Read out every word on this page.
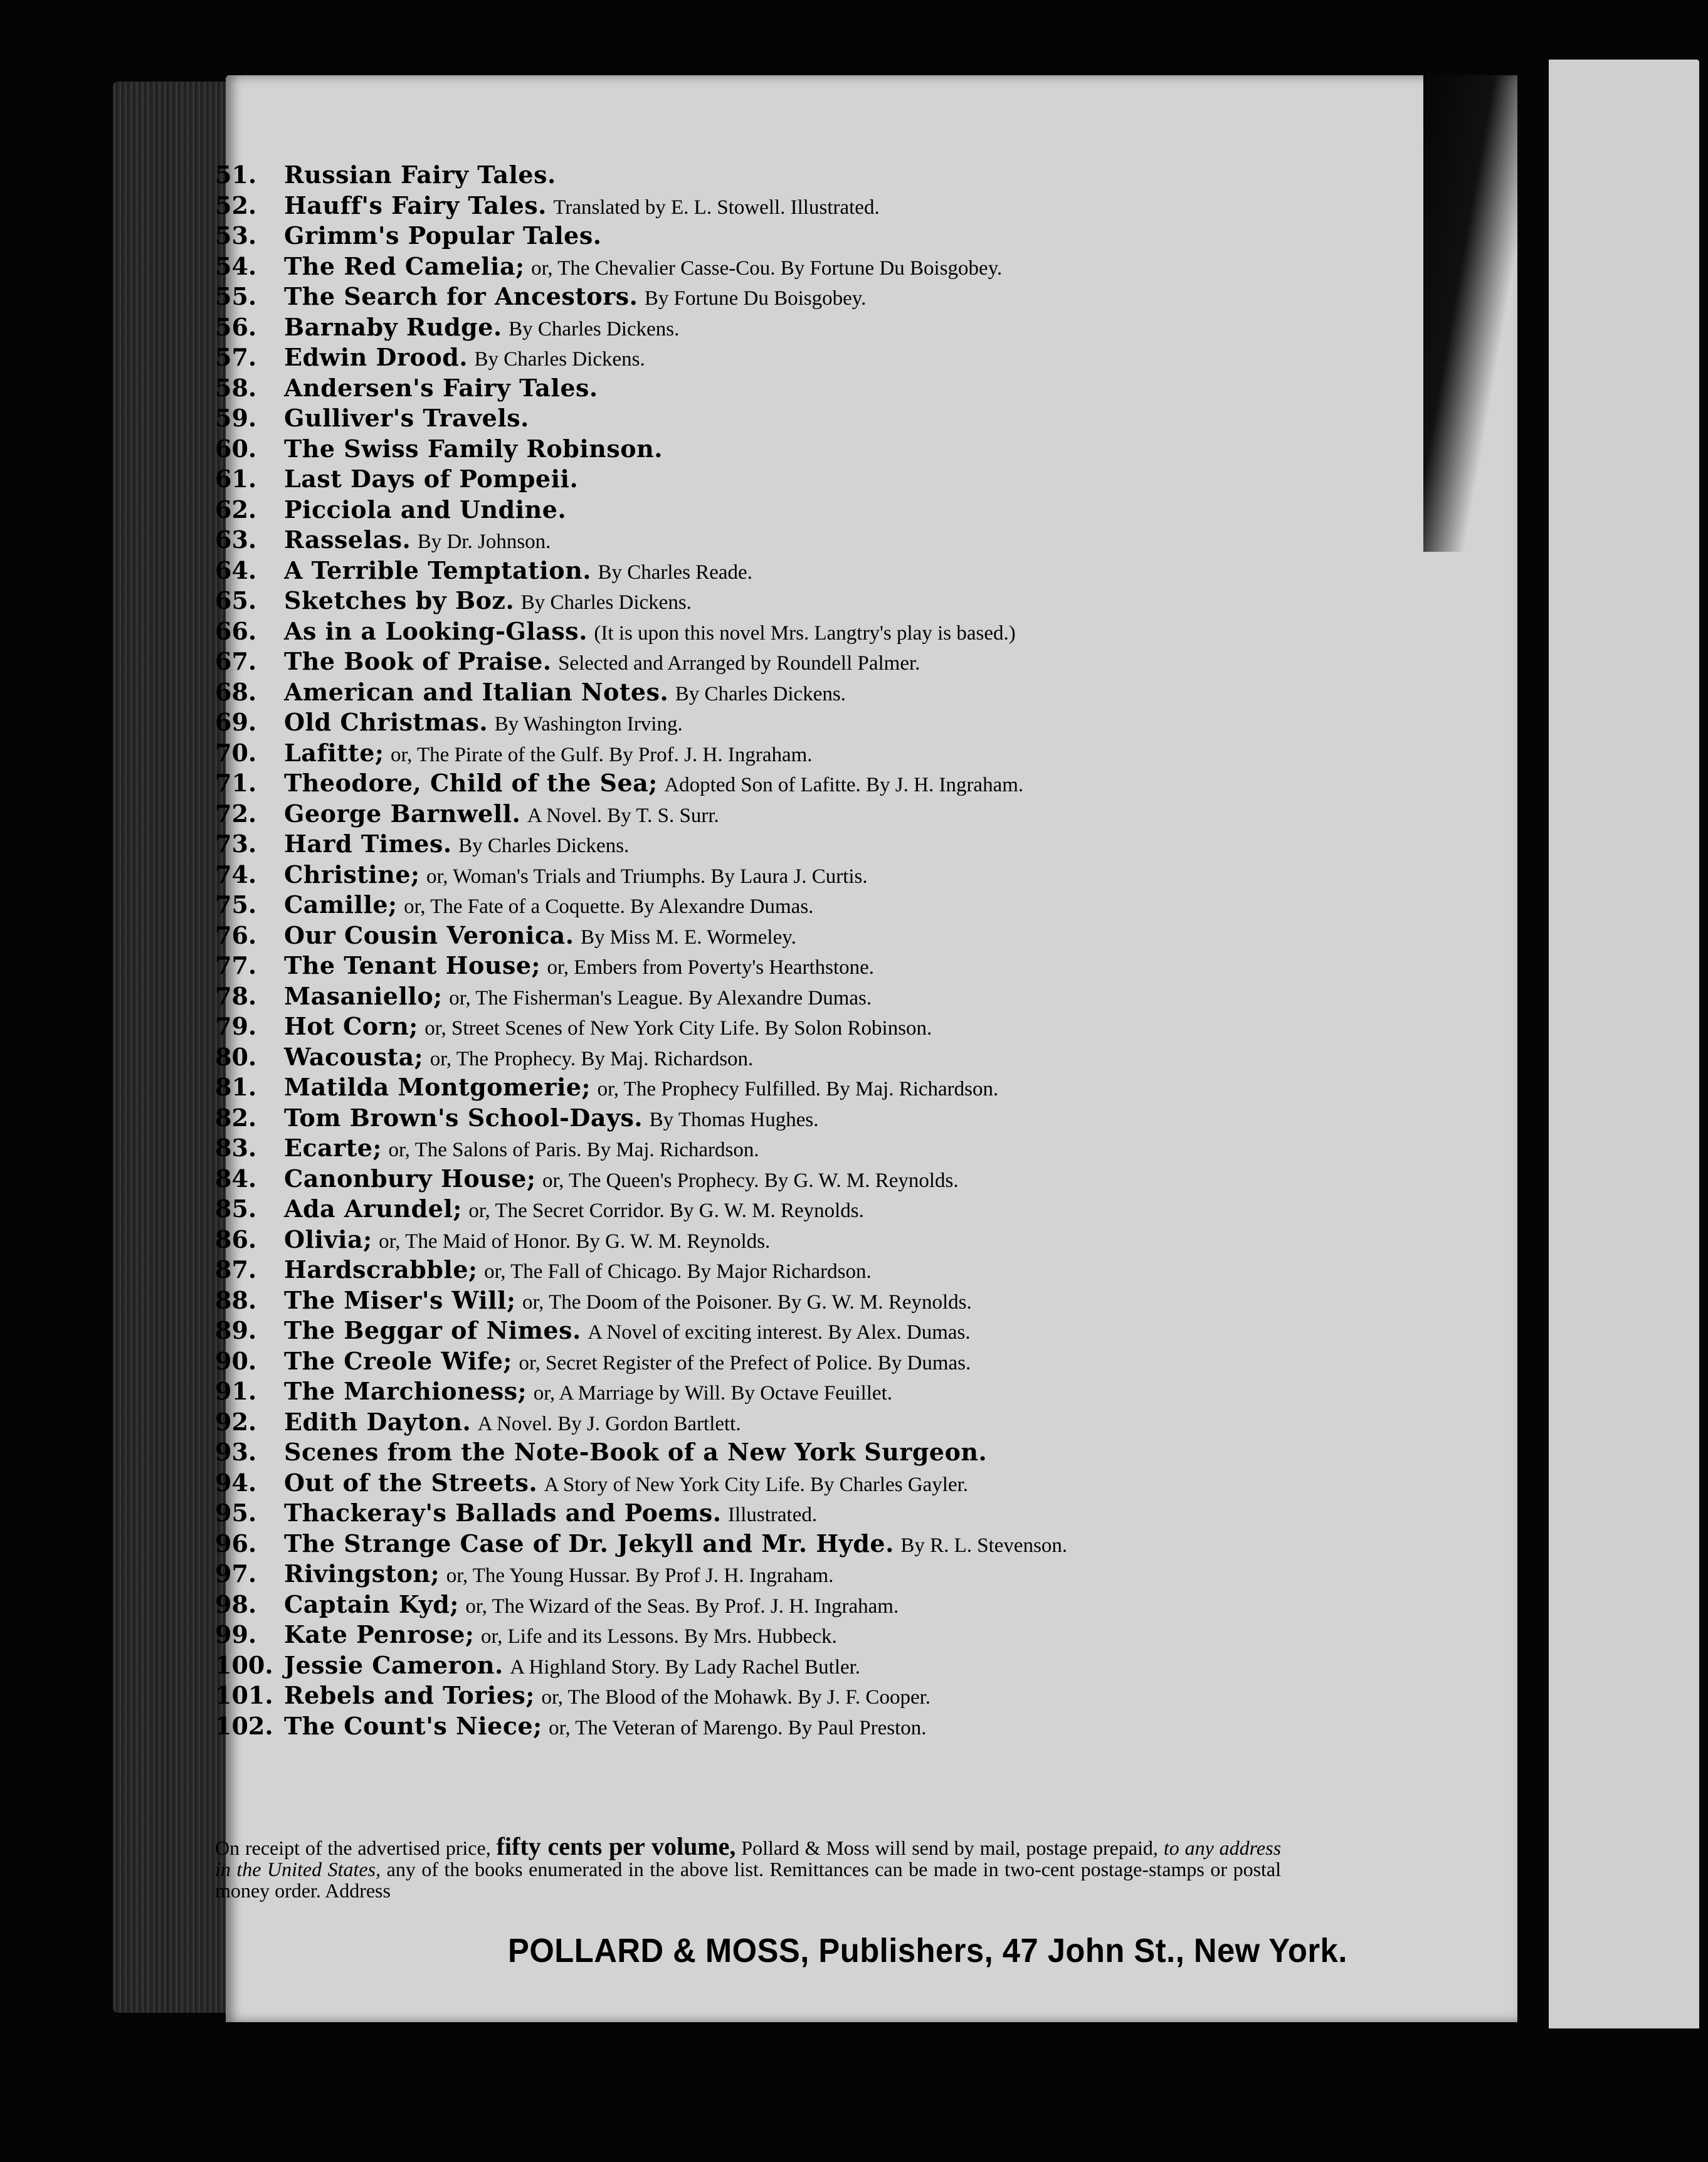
51. Russian Fairy Tales.
52. Hauff's Fairy Tales. Translated by E. L. Stowell. Illustrated.
53. Grimm's Popular Tales.
54. The Red Camelia; or, The Chevalier Casse-Cou. By Fortune Du Boisgobey.
55. The Search for Ancestors. By Fortune Du Boisgobey.
56. Barnaby Rudge. By Charles Dickens.
57. Edwin Drood. By Charles Dickens.
58. Andersen's Fairy Tales.
59. Gulliver's Travels.
60. The Swiss Family Robinson.
61. Last Days of Pompeii.
62. Picciola and Undine.
63. Rasselas. By Dr. Johnson.
64. A Terrible Temptation. By Charles Reade.
65. Sketches by Boz. By Charles Dickens.
66. As in a Looking-Glass. (It is upon this novel Mrs. Langtry's play is based.)
67. The Book of Praise. Selected and Arranged by Roundell Palmer.
68. American and Italian Notes. By Charles Dickens.
69. Old Christmas. By Washington Irving.
70. Lafitte; or, The Pirate of the Gulf. By Prof. J. H. Ingraham.
71. Theodore, Child of the Sea; Adopted Son of Lafitte. By J. H. Ingraham.
72. George Barnwell. A Novel. By T. S. Surr.
73. Hard Times. By Charles Dickens.
74. Christine; or, Woman's Trials and Triumphs. By Laura J. Curtis.
75. Camille; or, The Fate of a Coquette. By Alexandre Dumas.
76. Our Cousin Veronica. By Miss M. E. Wormeley.
77. The Tenant House; or, Embers from Poverty's Hearthstone.
78. Masaniello; or, The Fisherman's League. By Alexandre Dumas.
79. Hot Corn; or, Street Scenes of New York City Life. By Solon Robinson.
80. Wacousta; or, The Prophecy. By Maj. Richardson.
81. Matilda Montgomerie; or, The Prophecy Fulfilled. By Maj. Richardson.
82. Tom Brown's School-Days. By Thomas Hughes.
83. Ecarte; or, The Salons of Paris. By Maj. Richardson.
84. Canonbury House; or, The Queen's Prophecy. By G. W. M. Reynolds.
85. Ada Arundel; or, The Secret Corridor. By G. W. M. Reynolds.
86. Olivia; or, The Maid of Honor. By G. W. M. Reynolds.
87. Hardscrabble; or, The Fall of Chicago. By Major Richardson.
88. The Miser's Will; or, The Doom of the Poisoner. By G. W. M. Reynolds.
89. The Beggar of Nimes. A Novel of exciting interest. By Alex. Dumas.
90. The Creole Wife; or, Secret Register of the Prefect of Police. By Dumas.
91. The Marchioness; or, A Marriage by Will. By Octave Feuillet.
92. Edith Dayton. A Novel. By J. Gordon Bartlett.
93. Scenes from the Note-Book of a New York Surgeon.
94. Out of the Streets. A Story of New York City Life. By Charles Gayler.
95. Thackeray's Ballads and Poems. Illustrated.
96. The Strange Case of Dr. Jekyll and Mr. Hyde. By R. L. Stevenson.
97. Rivingston; or, The Young Hussar. By Prof J. H. Ingraham.
98. Captain Kyd; or, The Wizard of the Seas. By Prof. J. H. Ingraham.
99. Kate Penrose; or, Life and its Lessons. By Mrs. Hubbeck.
100. Jessie Cameron. A Highland Story. By Lady Rachel Butler.
101. Rebels and Tories; or, The Blood of the Mohawk. By J. F. Cooper.
102. The Count's Niece; or, The Veteran of Marengo. By Paul Preston.
On receipt of the advertised price, fifty cents per volume, Pollard & Moss will send by mail, postage prepaid, to any address in the United States, any of the books enumerated in the above list. Remittances can be made in two-cent postage-stamps or postal money order. Address
POLLARD & MOSS, Publishers, 47 John St., New York.
